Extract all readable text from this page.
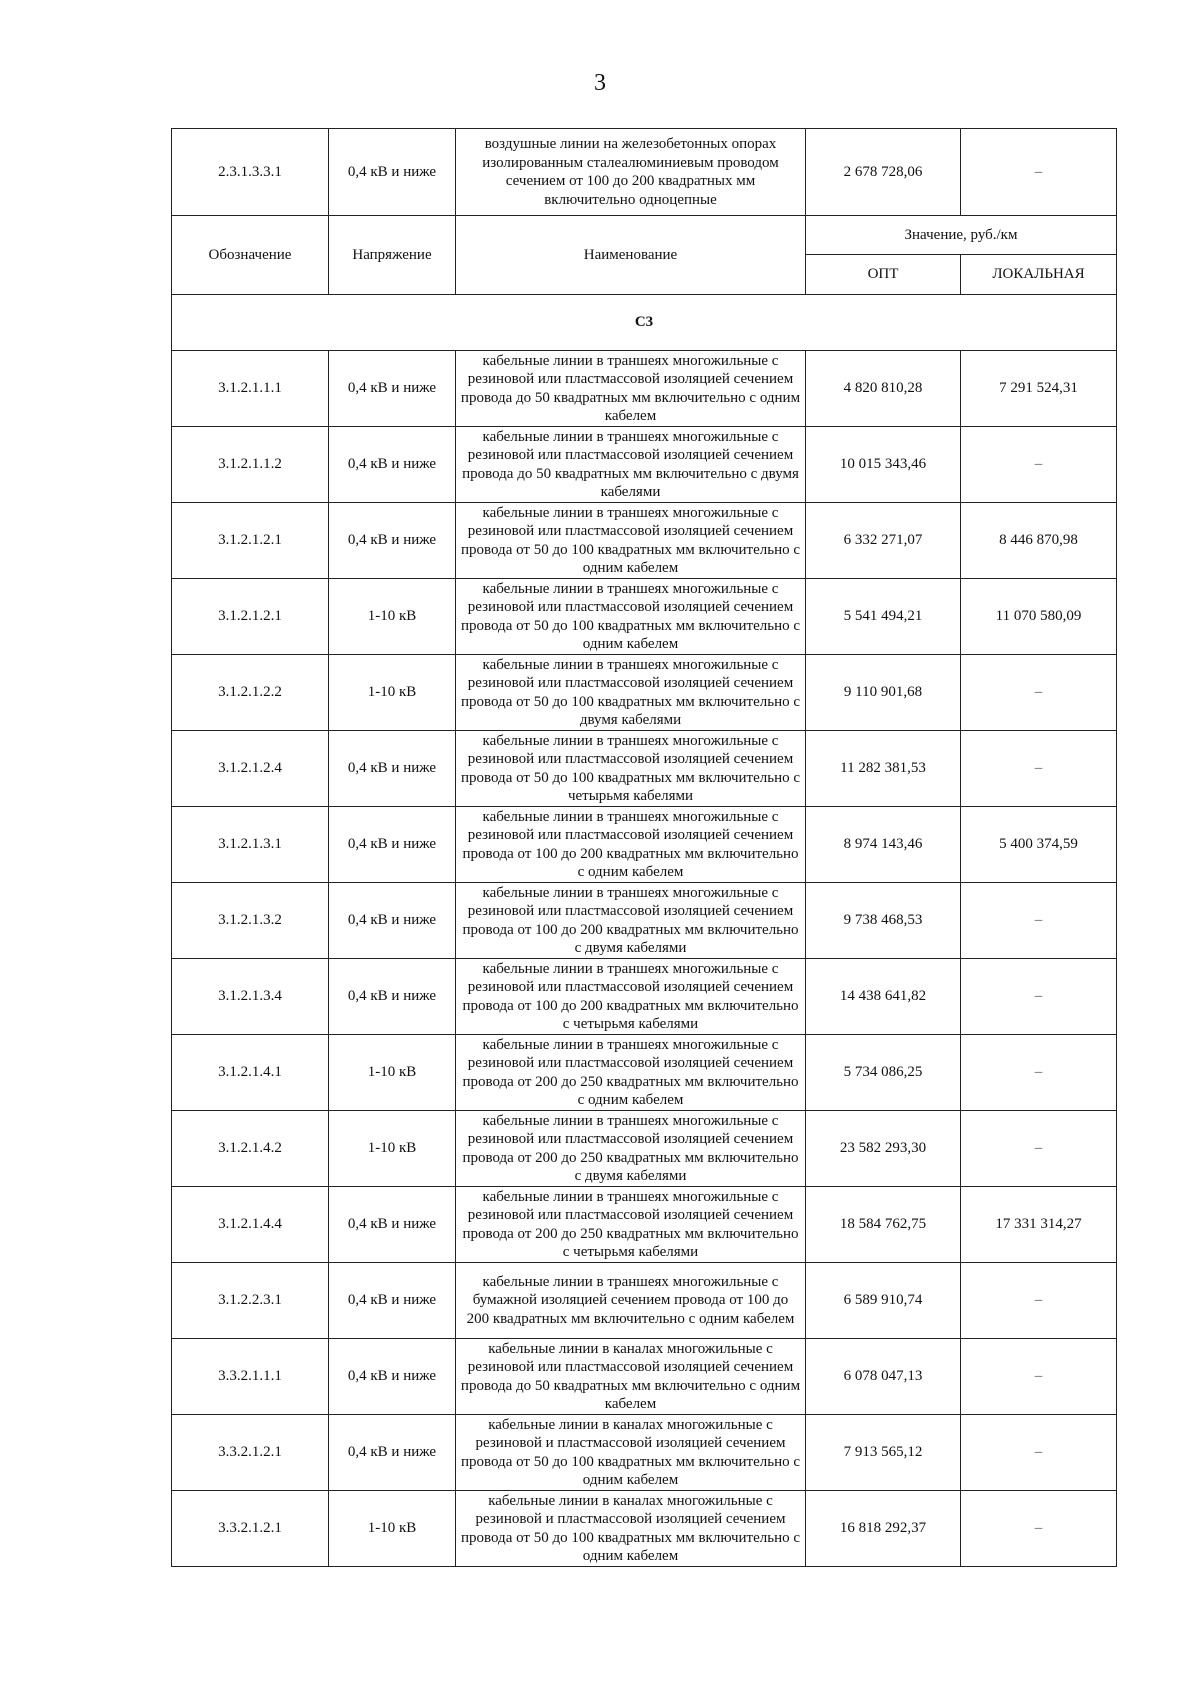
3
2.3.1.3.3.1	0,4 кВ и ниже	воздушные линии на железобетонных опорах изолированным сталеалюминиевым проводом сечением от 100 до 200 квадратных мм включительно одноцепные	2 678 728,06	–
Обозначение	Напряжение	Наименование	Значение, руб./км	
			ОПТ	ЛОКАЛЬНАЯ
С3				
3.1.2.1.1.1	0,4 кВ и ниже	кабельные линии в траншеях многожильные с резиновой или пластмассовой изоляцией сечением провода до 50 квадратных мм включительно с одним кабелем	4 820 810,28	7 291 524,31
3.1.2.1.1.2	0,4 кВ и ниже	кабельные линии в траншеях многожильные с резиновой или пластмассовой изоляцией сечением провода до 50 квадратных мм включительно с двумя кабелями	10 015 343,46	–
3.1.2.1.2.1	0,4 кВ и ниже	кабельные линии в траншеях многожильные с резиновой или пластмассовой изоляцией сечением провода от 50 до 100 квадратных мм включительно с одним кабелем	6 332 271,07	8 446 870,98
3.1.2.1.2.1	1-10 кВ	кабельные линии в траншеях многожильные с резиновой или пластмассовой изоляцией сечением провода от 50 до 100 квадратных мм включительно с одним кабелем	5 541 494,21	11 070 580,09
3.1.2.1.2.2	1-10 кВ	кабельные линии в траншеях многожильные с резиновой или пластмассовой изоляцией сечением провода от 50 до 100 квадратных мм включительно с двумя кабелями	9 110 901,68	–
3.1.2.1.2.4	0,4 кВ и ниже	кабельные линии в траншеях многожильные с резиновой или пластмассовой изоляцией сечением провода от 50 до 100 квадратных мм включительно с четырьмя кабелями	11 282 381,53	–
3.1.2.1.3.1	0,4 кВ и ниже	кабельные линии в траншеях многожильные с резиновой или пластмассовой изоляцией сечением провода от 100 до 200 квадратных мм включительно с одним кабелем	8 974 143,46	5 400 374,59
3.1.2.1.3.2	0,4 кВ и ниже	кабельные линии в траншеях многожильные с резиновой или пластмассовой изоляцией сечением провода от 100 до 200 квадратных мм включительно с двумя кабелями	9 738 468,53	–
3.1.2.1.3.4	0,4 кВ и ниже	кабельные линии в траншеях многожильные с резиновой или пластмассовой изоляцией сечением провода от 100 до 200 квадратных мм включительно с четырьмя кабелями	14 438 641,82	–
3.1.2.1.4.1	1-10 кВ	кабельные линии в траншеях многожильные с резиновой или пластмассовой изоляцией сечением провода от 200 до 250 квадратных мм включительно с одним кабелем	5 734 086,25	–
3.1.2.1.4.2	1-10 кВ	кабельные линии в траншеях многожильные с резиновой или пластмассовой изоляцией сечением провода от 200 до 250 квадратных мм включительно с двумя кабелями	23 582 293,30	–
3.1.2.1.4.4	0,4 кВ и ниже	кабельные линии в траншеях многожильные с резиновой или пластмассовой изоляцией сечением провода от 200 до 250 квадратных мм включительно с четырьмя кабелями	18 584 762,75	17 331 314,27
3.1.2.2.3.1	0,4 кВ и ниже	кабельные линии в траншеях многожильные с бумажной изоляцией сечением провода от 100 до 200 квадратных мм включительно с одним кабелем	6 589 910,74	–
3.3.2.1.1.1	0,4 кВ и ниже	кабельные линии в каналах многожильные с резиновой или пластмассовой изоляцией сечением провода до 50 квадратных мм включительно с одним кабелем	6 078 047,13	–
3.3.2.1.2.1	0,4 кВ и ниже	кабельные линии в каналах многожильные с резиновой и пластмассовой изоляцией сечением провода от 50 до 100 квадратных мм включительно с одним кабелем	7 913 565,12	–
3.3.2.1.2.1	1-10 кВ	кабельные линии в каналах многожильные с резиновой и пластмассовой изоляцией сечением провода от 50 до 100 квадратных мм включительно с одним кабелем	16 818 292,37	–
